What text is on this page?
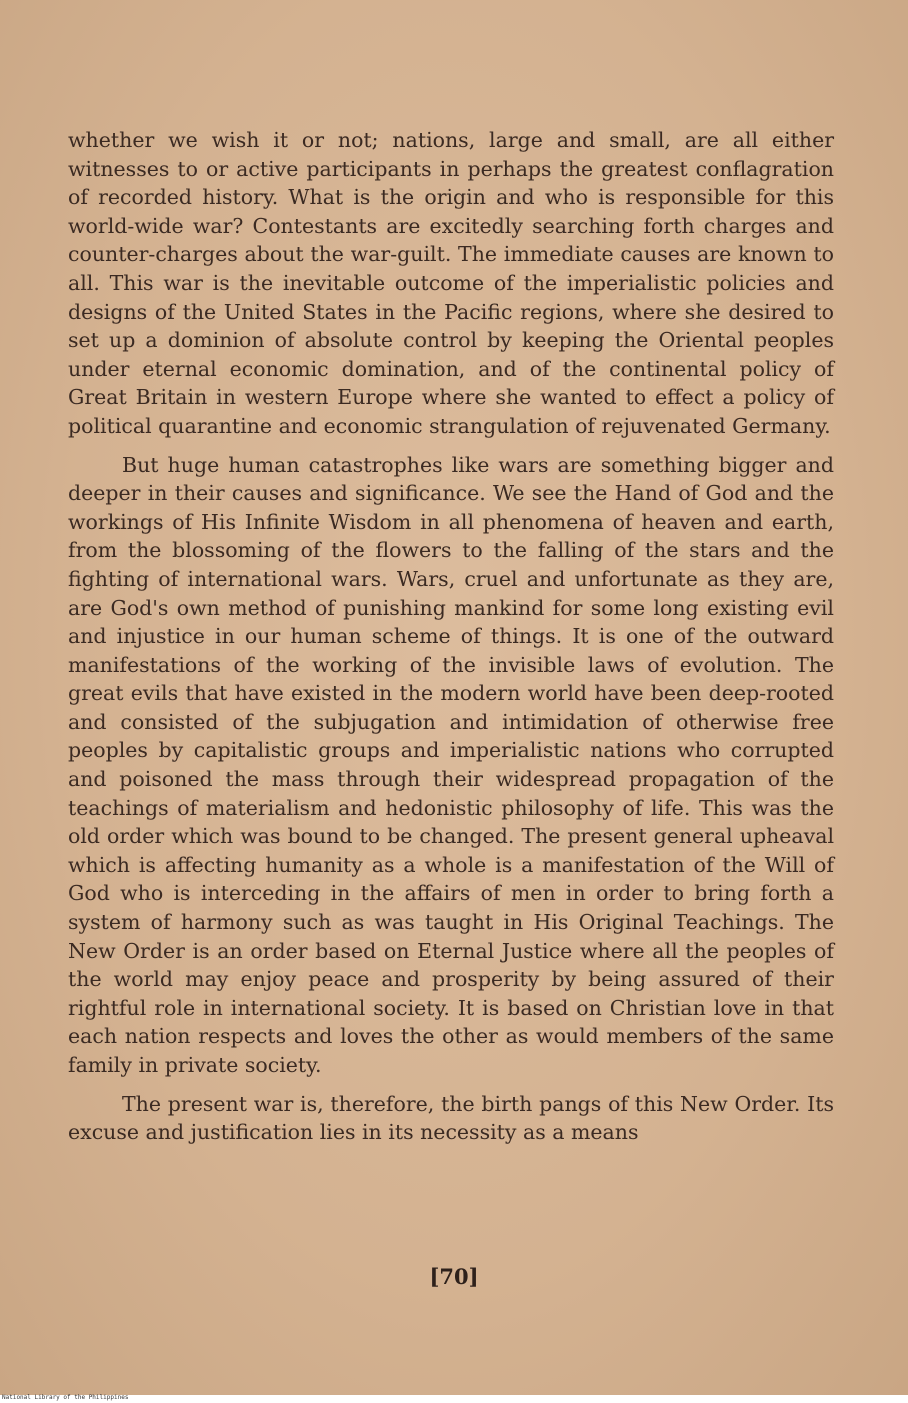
whether we wish it or not; nations, large and small, are all either witnesses to or active participants in perhaps the greatest conflagration of recorded history. What is the origin and who is responsible for this world-wide war? Contestants are excitedly searching forth charges and counter-charges about the war-guilt. The immediate causes are known to all. This war is the inevitable outcome of the imperialistic policies and designs of the United States in the Pacific regions, where she desired to set up a dominion of absolute control by keeping the Oriental peoples under eternal economic domination, and of the continental policy of Great Britain in western Europe where she wanted to effect a policy of political quarantine and economic strangulation of rejuvenated Germany.

But huge human catastrophes like wars are something bigger and deeper in their causes and significance. We see the Hand of God and the workings of His Infinite Wisdom in all phenomena of heaven and earth, from the blossoming of the flowers to the falling of the stars and the fighting of international wars. Wars, cruel and unfortunate as they are, are God's own method of punishing mankind for some long existing evil and injustice in our human scheme of things. It is one of the outward manifestations of the working of the invisible laws of evolution. The great evils that have existed in the modern world have been deep-rooted and consisted of the subjugation and intimidation of otherwise free peoples by capitalistic groups and imperialistic nations who corrupted and poisoned the mass through their widespread propagation of the teachings of materialism and hedonistic philosophy of life. This was the old order which was bound to be changed. The present general upheaval which is affecting humanity as a whole is a manifestation of the Will of God who is interceding in the affairs of men in order to bring forth a system of harmony such as was taught in His Original Teachings. The New Order is an order based on Eternal Justice where all the peoples of the world may enjoy peace and prosperity by being assured of their rightful role in international society. It is based on Christian love in that each nation respects and loves the other as would members of the same family in private society.

The present war is, therefore, the birth pangs of this New Order. Its excuse and justification lies in its necessity as a means

[70]
National Library of the Philippines
